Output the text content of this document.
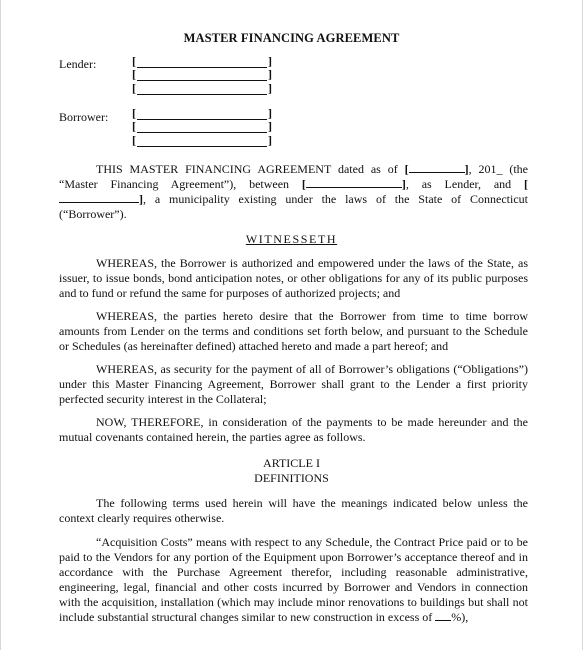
MASTER FINANCING AGREEMENT
Lender:	[	]
[	]
[	]
Borrower: [	]
[	]
[	]

THIS MASTER FINANCING AGREEMENT dated as of [	], 201_ (the “Master Financing Agreement”), between [	], as Lender, and [], a municipality existing under the laws of the State of Connecticut (“Borrower”).

WITNESSETH

WHEREAS, the Borrower is authorized and empowered under the laws of the State, as issuer, to issue bonds, bond anticipation notes, or other obligations for any of its public purposes and to fund or refund the same for purposes of authorized projects; and

WHEREAS, the parties hereto desire that the Borrower from time to time borrow amounts from Lender on the terms and conditions set forth below, and pursuant to the Schedule or Schedules (as hereinafter defined) attached hereto and made a part hereof; and

WHEREAS, as security for the payment of all of Borrower’s obligations (“Obligations”) under this Master Financing Agreement, Borrower shall grant to the Lender a first priority perfected security interest in the Collateral;

NOW, THEREFORE, in consideration of the payments to be made hereunder and the mutual covenants contained herein, the parties agree as follows.

ARTICLE I
DEFINITIONS

The following terms used herein will have the meanings indicated below unless the context clearly requires otherwise.

“Acquisition Costs” means with respect to any Schedule, the Contract Price paid or to be paid to the Vendors for any portion of the Equipment upon Borrower’s acceptance thereof and in accordance with the Purchase Agreement therefor, including reasonable administrative, engineering, legal, financial and other costs incurred by Borrower and Vendors in connection with the acquisition, installation (which may include minor renovations to buildings but shall not include substantial structural changes similar to new construction in excess of %),
